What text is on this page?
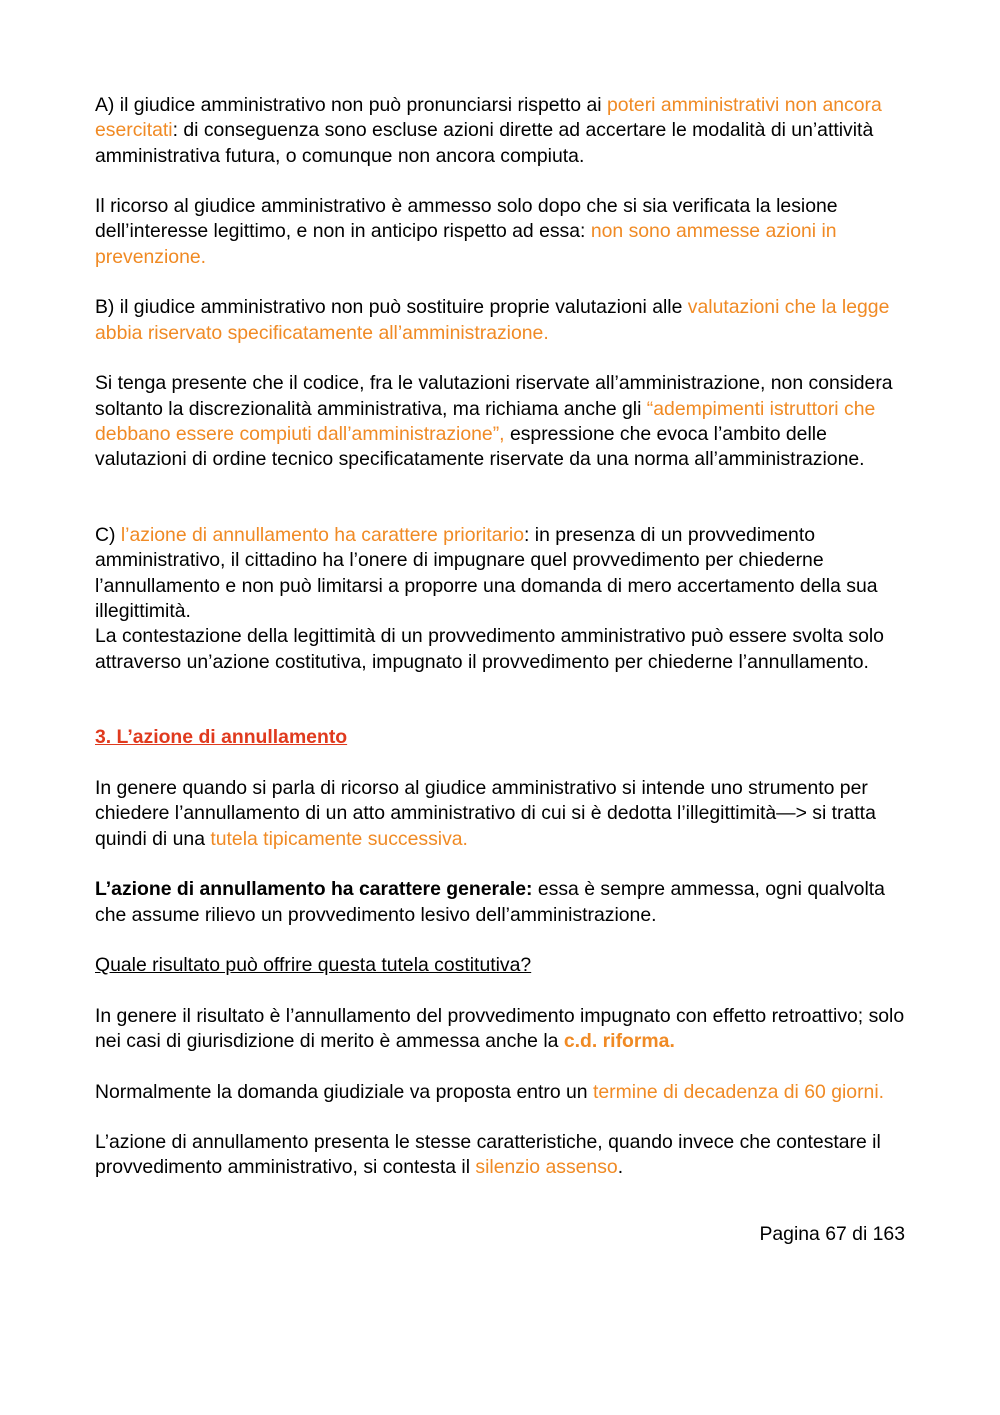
A) il giudice amministrativo non può pronunciarsi rispetto ai poteri amministrativi non ancora esercitati: di conseguenza sono escluse azioni dirette ad accertare le modalità di un’attività amministrativa futura, o comunque non ancora compiuta.

Il ricorso al giudice amministrativo è ammesso solo dopo che si sia verificata la lesione dell’interesse legittimo, e non in anticipo rispetto ad essa: non sono ammesse azioni in prevenzione.

B) il giudice amministrativo non può sostituire proprie valutazioni alle valutazioni che la legge abbia riservato specificatamente all’amministrazione.

Si tenga presente che il codice, fra le valutazioni riservate all’amministrazione, non considera soltanto la discrezionalità amministrativa, ma richiama anche gli “adempimenti istruttori che debbano essere compiuti dall’amministrazione”, espressione che evoca l’ambito delle valutazioni di ordine tecnico specificatamente riservate da una norma all’amministrazione.

C) l’azione di annullamento ha carattere prioritario: in presenza di un provvedimento amministrativo, il cittadino ha l’onere di impugnare quel provvedimento per chiederne l’annullamento e non può limitarsi a proporre una domanda di mero accertamento della sua illegittimità.

La contestazione della legittimità di un provvedimento amministrativo può essere svolta solo attraverso un’azione costitutiva, impugnato il provvedimento per chiederne l’annullamento.

3. L’azione di annullamento

In genere quando si parla di ricorso al giudice amministrativo si intende uno strumento per chiedere l’annullamento di un atto amministrativo di cui si è dedotta l’illegittimità—> si tratta quindi di una tutela tipicamente successiva.

L’azione di annullamento ha carattere generale: essa è sempre ammessa, ogni qualvolta che assume rilievo un provvedimento lesivo dell’amministrazione.

Quale risultato può offrire questa tutela costitutiva?

In genere il risultato è l’annullamento del provvedimento impugnato con effetto retroattivo; solo nei casi di giurisdizione di merito è ammessa anche la c.d. riforma.

Normalmente la domanda giudiziale va proposta entro un termine di decadenza di 60 giorni.

L’azione di annullamento presenta le stesse caratteristiche, quando invece che contestare il provvedimento amministrativo, si contesta il silenzio assenso.

Pagina 67 di 163
